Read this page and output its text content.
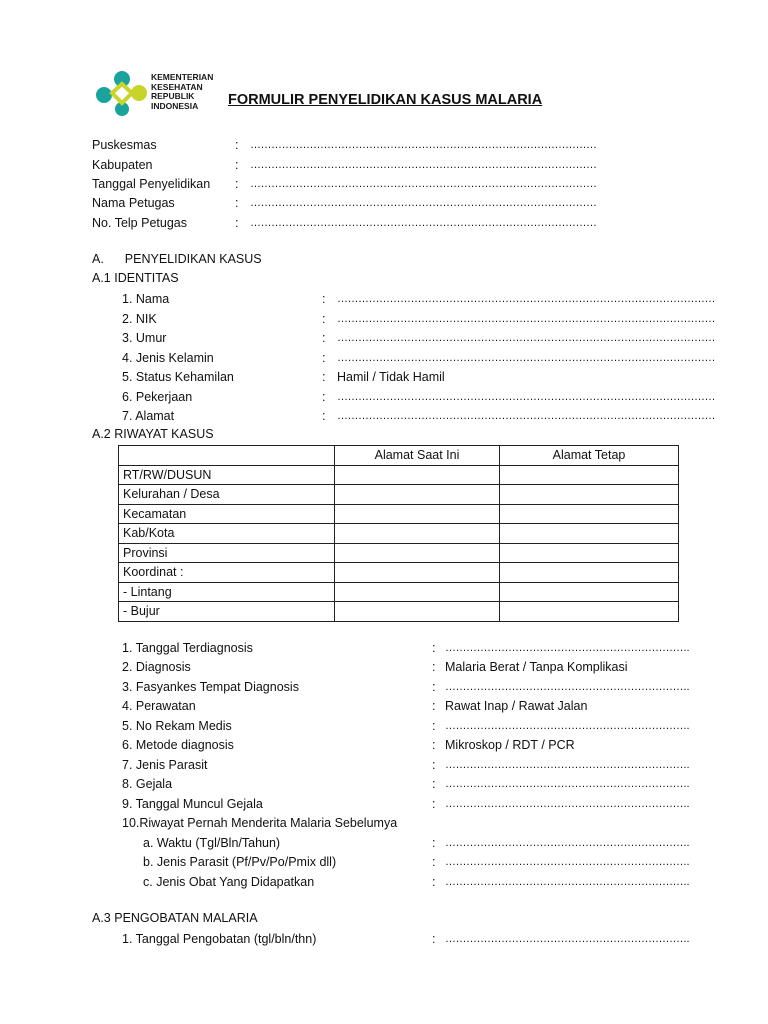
KEMENTERIAN
KESEHATAN
REPUBLIK
INDONESIA	FORMULIR PENYELIDIKAN KASUS MALARIA
Puskesmas	: ………………………………………………………………………………………
Kabupaten	: ………………………………………………………………………………………
Tanggal Penyelidikan : ………………………………………………………………………………………
Nama Petugas	: ………………………………………………………………………………………
No. Telp Petugas	: ………………………………………………………………………………………
A. PENYELIDIKAN KASUS
A.1 IDENTITAS
1. Nama	: ………………………………………………………………………………………………
2. NIK	: ………………………………………………………………………………………………
3. Umur	: ………………………………………………………………………………………………
4. Jenis Kelamin	: ………………………………………………………………………………………………
5. Status Kehamilan	: Hamil / Tidak Hamil
6. Pekerjaan	: ………………………………………………………………………………………………
7. Alamat	: ………………………………………………………………………………………………
A.2 RIWAYAT KASUS
	Alamat Saat Ini	Alamat Tetap
RT/RW/DUSUN		
Kelurahan / Desa		
Kecamatan		
Kab/Kota		
Provinsi		
Koordinat :		
- Lintang		
- Bujur		
1. Tanggal Terdiagnosis	: …………………………………………………………….
2. Diagnosis	: Malaria Berat / Tanpa Komplikasi
3. Fasyankes Tempat Diagnosis	: …………………………………………………………….
4. Perawatan	: Rawat Inap / Rawat Jalan
5. No Rekam Medis	: …………………………………………………………….
6. Metode diagnosis	: Mikroskop / RDT / PCR
7. Jenis Parasit	: …………………………………………………………….
8. Gejala	: …………………………………………………………….
9. Tanggal Muncul Gejala	: …………………………………………………………….
10.Riwayat Pernah Menderita Malaria Sebelumya
a. Waktu (Tgl/Bln/Tahun)	: …………………………………………………………….
b. Jenis Parasit (Pf/Pv/Po/Pmix dll)	: …………………………………………………………….
c. Jenis Obat Yang Didapatkan	: …………………………………………………………….
A.3 PENGOBATAN MALARIA
1. Tanggal Pengobatan (tgl/bln/thn)	: …………………………………………………………….
